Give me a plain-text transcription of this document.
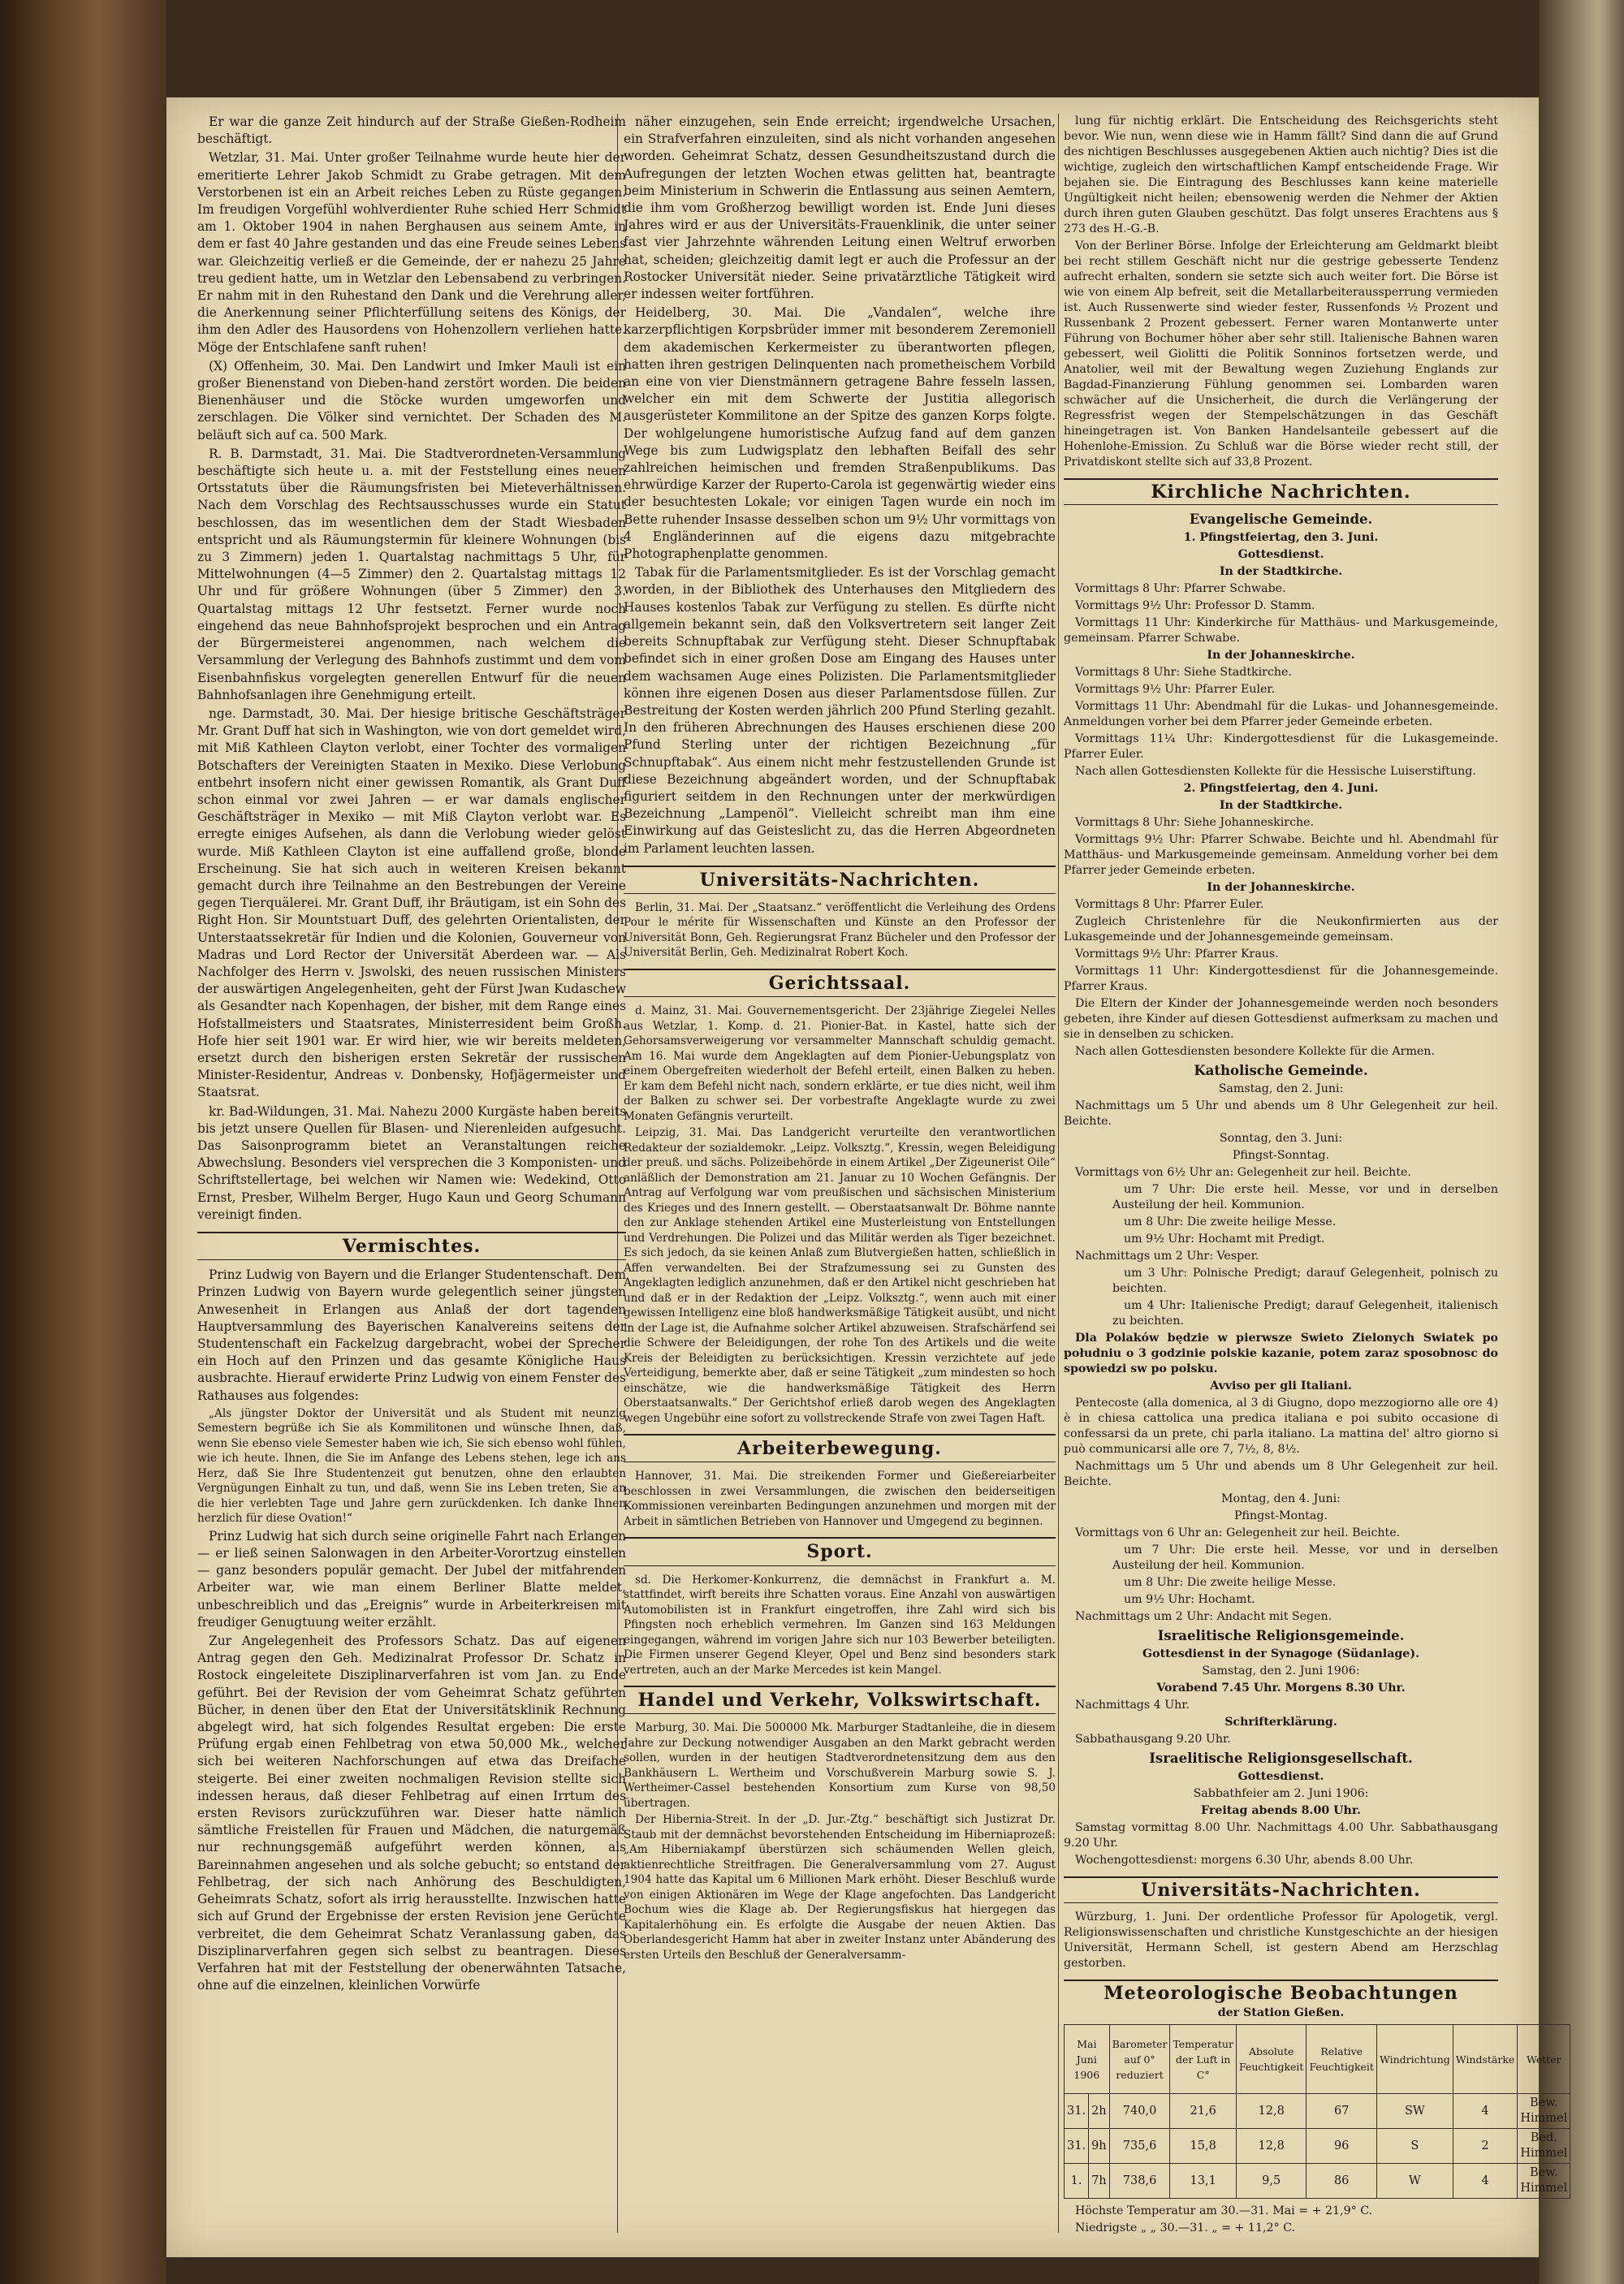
Er war die ganze Zeit hindurch auf der Straße Gießen-Rodheim beschäftigt.

Wetzlar, 31. Mai. Unter großer Teilnahme wurde heute hier der emeritierte Lehrer Jakob Schmidt zu Grabe getragen. Mit dem Verstorbenen ist ein an Arbeit reiches Leben zu Rüste gegangen. Im freudigen Vorgefühl wohlverdienter Ruhe schied Herr Schmidt am 1. Oktober 1904 in nahen Berghausen aus seinem Amte, in dem er fast 40 Jahre gestanden und das eine Freude seines Lebens war. Gleichzeitig verließ er die Gemeinde, der er nahezu 25 Jahre treu gedient hatte, um in Wetzlar den Lebensabend zu verbringen. Er nahm mit in den Ruhestand den Dank und die Verehrung aller, die Anerkennung seiner Pflichterfüllung seitens des Königs, der ihm den Adler des Hausordens von Hohenzollern verliehen hatte. Möge der Entschlafene sanft ruhen!

(X) Offenheim, 30. Mai. Den Landwirt und Imker Mauli ist ein großer Bienenstand von Dieben-hand zerstört worden. Die beiden Bienenhäuser und die Stöcke wurden umgeworfen und zerschlagen. Die Völker sind vernichtet. Der Schaden des M. beläuft sich auf ca. 500 Mark.

R. B. Darmstadt, 31. Mai. Die Stadtverordneten-Versammlung beschäftigte sich heute u. a. mit der Feststellung eines neuen Ortsstatuts über die Räumungsfristen bei Mieteverhältnissen. Nach dem Vorschlag des Rechtsausschusses wurde ein Statut beschlossen, das im wesentlichen dem der Stadt Wiesbaden entspricht und als Räumungstermin für kleinere Wohnungen (bis zu 3 Zimmern) jeden 1. Quartalstag nachmittags 5 Uhr, für Mittelwohnungen (4—5 Zimmer) den 2. Quartalstag mittags 12 Uhr und für größere Wohnungen (über 5 Zimmer) den 3. Quartalstag mittags 12 Uhr festsetzt. Ferner wurde noch eingehend das neue Bahnhofsprojekt besprochen und ein Antrag der Bürgermeisterei angenommen, nach welchem die Versammlung der Verlegung des Bahnhofs zustimmt und dem vom Eisenbahnfiskus vorgelegten generellen Entwurf für die neuen Bahnhofsanlagen ihre Genehmigung erteilt.

nge. Darmstadt, 30. Mai. Der hiesige britische Geschäftsträger Mr. Grant Duff hat sich in Washington, wie von dort gemeldet wird, mit Miß Kathleen Clayton verlobt, einer Tochter des vormaligen Botschafters der Vereinigten Staaten in Mexiko. Diese Verlobung entbehrt insofern nicht einer gewissen Romantik, als Grant Duff schon einmal vor zwei Jahren — er war damals englischer Geschäftsträger in Mexiko — mit Miß Clayton verlobt war. Es erregte einiges Aufsehen, als dann die Verlobung wieder gelöst wurde. Miß Kathleen Clayton ist eine auffallend große, blonde Erscheinung. Sie hat sich auch in weiteren Kreisen bekannt gemacht durch ihre Teilnahme an den Bestrebungen der Vereine gegen Tierquälerei. Mr. Grant Duff, ihr Bräutigam, ist ein Sohn des Right Hon. Sir Mountstuart Duff, des gelehrten Orientalisten, der Unterstaatssekretär für Indien und die Kolonien, Gouverneur von Madras und Lord Rector der Universität Aberdeen war. — Als Nachfolger des Herrn v. Jswolski, des neuen russischen Ministers der auswärtigen Angelegenheiten, geht der Fürst Jwan Kudaschew als Gesandter nach Kopenhagen, der bisher, mit dem Range eines Hofstallmeisters und Staatsrates, Ministerresident beim Großh. Hofe hier seit 1901 war. Er wird hier, wie wir bereits meldeten, ersetzt durch den bisherigen ersten Sekretär der russischen Minister-Residentur, Andreas v. Donbensky, Hofjägermeister und Staatsrat.

kr. Bad-Wildungen, 31. Mai. Nahezu 2000 Kurgäste haben bereits bis jetzt unsere Quellen für Blasen- und Nierenleiden aufgesucht. Das Saisonprogramm bietet an Veranstaltungen reiche Abwechslung. Besonders viel versprechen die 3 Komponisten- und Schriftstellertage, bei welchen wir Namen wie: Wedekind, Otto Ernst, Presber, Wilhelm Berger, Hugo Kaun und Georg Schumann vereinigt finden.

Vermischtes.

Prinz Ludwig von Bayern und die Erlanger Studentenschaft. Dem Prinzen Ludwig von Bayern wurde gelegentlich seiner jüngsten Anwesenheit in Erlangen aus Anlaß der dort tagenden Hauptversammlung des Bayerischen Kanalvereins seitens der Studentenschaft ein Fackelzug dargebracht, wobei der Sprecher ein Hoch auf den Prinzen und das gesamte Königliche Haus ausbrachte. Hierauf erwiderte Prinz Ludwig von einem Fenster des Rathauses aus folgendes:

„Als jüngster Doktor der Universität und als Student mit neunzig Semestern begrüße ich Sie als Kommilitonen und wünsche Ihnen, daß, wenn Sie ebenso viele Semester haben wie ich, Sie sich ebenso wohl fühlen, wie ich heute. Ihnen, die Sie im Anfange des Lebens stehen, lege ich ans Herz, daß Sie Ihre Studentenzeit gut benutzen, ohne den erlaubten Vergnügungen Einhalt zu tun, und daß, wenn Sie ins Leben treten, Sie an die hier verlebten Tage und Jahre gern zurückdenken. Ich danke Ihnen herzlich für diese Ovation!“

Prinz Ludwig hat sich durch seine originelle Fahrt nach Erlangen — er ließ seinen Salonwagen in den Arbeiter-Vorortzug einstellen — ganz besonders populär gemacht. Der Jubel der mitfahrenden Arbeiter war, wie man einem Berliner Blatte meldet, unbeschreiblich und das „Ereignis“ wurde in Arbeiterkreisen mit freudiger Genugtuung weiter erzählt.

Zur Angelegenheit des Professors Schatz. Das auf eigenen Antrag gegen den Geh. Medizinalrat Professor Dr. Schatz in Rostock eingeleitete Disziplinarverfahren ist vom Jan. zu Ende geführt. Bei der Revision der vom Geheimrat Schatz geführten Bücher, in denen über den Etat der Universitätsklinik Rechnung abgelegt wird, hat sich folgendes Resultat ergeben: Die erste Prüfung ergab einen Fehlbetrag von etwa 50,000 Mk., welcher sich bei weiteren Nachforschungen auf etwa das Dreifache steigerte. Bei einer zweiten nochmaligen Revision stellte sich indessen heraus, daß dieser Fehlbetrag auf einen Irrtum des ersten Revisors zurückzuführen war. Dieser hatte nämlich sämtliche Freistellen für Frauen und Mädchen, die naturgemäß nur rechnungsgemäß aufgeführt werden können, als Bareinnahmen angesehen und als solche gebucht; so entstand der Fehlbetrag, der sich nach Anhörung des Beschuldigten, Geheimrats Schatz, sofort als irrig herausstellte. Inzwischen hatte sich auf Grund der Ergebnisse der ersten Revision jene Gerüchte verbreitet, die dem Geheimrat Schatz Veranlassung gaben, das Disziplinarverfahren gegen sich selbst zu beantragen. Dieses Verfahren hat mit der Feststellung der obenerwähnten Tatsache, ohne auf die einzelnen, kleinlichen Vorwürfe

näher einzugehen, sein Ende erreicht; irgendwelche Ursachen, ein Strafverfahren einzuleiten, sind als nicht vorhanden angesehen worden. Geheimrat Schatz, dessen Gesundheitszustand durch die Aufregungen der letzten Wochen etwas gelitten hat, beantragte beim Ministerium in Schwerin die Entlassung aus seinen Aemtern, die ihm vom Großherzog bewilligt worden ist. Ende Juni dieses Jahres wird er aus der Universitäts-Frauenklinik, die unter seiner fast vier Jahrzehnte währenden Leitung einen Weltruf erworben hat, scheiden; gleichzeitig damit legt er auch die Professur an der Rostocker Universität nieder. Seine privatärztliche Tätigkeit wird er indessen weiter fortführen.

Heidelberg, 30. Mai. Die „Vandalen“, welche ihre karzerpflichtigen Korpsbrüder immer mit besonderem Zeremoniell dem akademischen Kerkermeister zu überantworten pflegen, hatten ihren gestrigen Delinquenten nach prometheischem Vorbild an eine von vier Dienstmännern getragene Bahre fesseln lassen, welcher ein mit dem Schwerte der Justitia allegorisch ausgerüsteter Kommilitone an der Spitze des ganzen Korps folgte. Der wohlgelungene humoristische Aufzug fand auf dem ganzen Wege bis zum Ludwigsplatz den lebhaften Beifall des sehr zahlreichen heimischen und fremden Straßenpublikums. Das ehrwürdige Karzer der Ruperto-Carola ist gegenwärtig wieder eins der besuchtesten Lokale; vor einigen Tagen wurde ein noch im Bette ruhender Insasse desselben schon um 9½ Uhr vormittags von 4 Engländerinnen auf die eigens dazu mitgebrachte Photographenplatte genommen.

Tabak für die Parlamentsmitglieder. Es ist der Vorschlag gemacht worden, in der Bibliothek des Unterhauses den Mitgliedern des Hauses kostenlos Tabak zur Verfügung zu stellen. Es dürfte nicht allgemein bekannt sein, daß den Volksvertretern seit langer Zeit bereits Schnupftabak zur Verfügung steht. Dieser Schnupftabak befindet sich in einer großen Dose am Eingang des Hauses unter dem wachsamen Auge eines Polizisten. Die Parlamentsmitglieder können ihre eigenen Dosen aus dieser Parlamentsdose füllen. Zur Bestreitung der Kosten werden jährlich 200 Pfund Sterling gezahlt. In den früheren Abrechnungen des Hauses erschienen diese 200 Pfund Sterling unter der richtigen Bezeichnung „für Schnupftabak“. Aus einem nicht mehr festzustellenden Grunde ist diese Bezeichnung abgeändert worden, und der Schnupftabak figuriert seitdem in den Rechnungen unter der merkwürdigen Bezeichnung „Lampenöl“. Vielleicht schreibt man ihm eine Einwirkung auf das Geisteslicht zu, das die Herren Abgeordneten im Parlament leuchten lassen.

Universitäts-Nachrichten.

Berlin, 31. Mai. Der „Staatsanz.“ veröffentlicht die Verleihung des Ordens Pour le mérite für Wissenschaften und Künste an den Professor der Universität Bonn, Geh. Regierungsrat Franz Bücheler und den Professor der Universität Berlin, Geh. Medizinalrat Robert Koch.

Gerichtssaal.

d. Mainz, 31. Mai. Gouvernementsgericht. Der 23jährige Ziegelei Nelles aus Wetzlar, 1. Komp. d. 21. Pionier-Bat. in Kastel, hatte sich der Gehorsamsverweigerung vor versammelter Mannschaft schuldig gemacht. Am 16. Mai wurde dem Angeklagten auf dem Pionier-Uebungsplatz von einem Obergefreiten wiederholt der Befehl erteilt, einen Balken zu heben. Er kam dem Befehl nicht nach, sondern erklärte, er tue dies nicht, weil ihm der Balken zu schwer sei. Der vorbestrafte Angeklagte wurde zu zwei Monaten Gefängnis verurteilt.

Leipzig, 31. Mai. Das Landgericht verurteilte den verantwortlichen Redakteur der sozialdemokr. „Leipz. Volksztg.“, Kressin, wegen Beleidigung der preuß. und sächs. Polizeibehörde in einem Artikel „Der Zigeunerist Oile“ anläßlich der Demonstration am 21. Januar zu 10 Wochen Gefängnis. Der Antrag auf Verfolgung war vom preußischen und sächsischen Ministerium des Krieges und des Innern gestellt. — Oberstaatsanwalt Dr. Böhme nannte den zur Anklage stehenden Artikel eine Musterleistung von Entstellungen und Verdrehungen. Die Polizei und das Militär werden als Tiger bezeichnet. Es sich jedoch, da sie keinen Anlaß zum Blutvergießen hatten, schließlich in Affen verwandelten. Bei der Strafzumessung sei zu Gunsten des Angeklagten lediglich anzunehmen, daß er den Artikel nicht geschrieben hat und daß er in der Redaktion der „Leipz. Volksztg.“, wenn auch mit einer gewissen Intelligenz eine bloß handwerksmäßige Tätigkeit ausübt, und nicht in der Lage ist, die Aufnahme solcher Artikel abzuweisen. Strafschärfend sei die Schwere der Beleidigungen, der rohe Ton des Artikels und die weite Kreis der Beleidigten zu berücksichtigen. Kressin verzichtete auf jede Verteidigung, bemerkte aber, daß er seine Tätigkeit „zum mindesten so hoch einschätze, wie die handwerksmäßige Tätigkeit des Herrn Oberstaatsanwalts.“ Der Gerichtshof erließ darob wegen des Angeklagten wegen Ungebühr eine sofort zu vollstreckende Strafe von zwei Tagen Haft.

Arbeiterbewegung.

Hannover, 31. Mai. Die streikenden Former und Gießereiarbeiter beschlossen in zwei Versammlungen, die zwischen den beiderseitigen Kommissionen vereinbarten Bedingungen anzunehmen und morgen mit der Arbeit in sämtlichen Betrieben von Hannover und Umgegend zu beginnen.

Sport.

sd. Die Herkomer-Konkurrenz, die demnächst in Frankfurt a. M. stattfindet, wirft bereits ihre Schatten voraus. Eine Anzahl von auswärtigen Automobilisten ist in Frankfurt eingetroffen, ihre Zahl wird sich bis Pfingsten noch erheblich vermehren. Im Ganzen sind 163 Meldungen eingegangen, während im vorigen Jahre sich nur 103 Bewerber beteiligten. Die Firmen unserer Gegend Kleyer, Opel und Benz sind besonders stark vertreten, auch an der Marke Mercedes ist kein Mangel.

Handel und Verkehr, Volkswirtschaft.

Marburg, 30. Mai. Die 500000 Mk. Marburger Stadtanleihe, die in diesem Jahre zur Deckung notwendiger Ausgaben an den Markt gebracht werden sollen, wurden in der heutigen Stadtverordnetensitzung dem aus den Bankhäusern L. Wertheim und Vorschußverein Marburg sowie S. J. Wertheimer-Cassel bestehenden Konsortium zum Kurse von 98,50 übertragen.

Der Hibernia-Streit. In der „D. Jur.-Ztg.“ beschäftigt sich Justizrat Dr. Staub mit der demnächst bevorstehenden Entscheidung im Hiberniaprozeß: „Am Hiberniakampf überstürzen sich schäumenden Wellen gleich, aktienrechtliche Streitfragen. Die Generalversammlung vom 27. August 1904 hatte das Kapital um 6 Millionen Mark erhöht. Dieser Beschluß wurde von einigen Aktionären im Wege der Klage angefochten. Das Landgericht Bochum wies die Klage ab. Der Regierungsfiskus hat hiergegen das Kapitalerhöhung ein. Es erfolgte die Ausgabe der neuen Aktien. Das Oberlandesgericht Hamm hat aber in zweiter Instanz unter Abänderung des ersten Urteils den Beschluß der Generalversamm-

lung für nichtig erklärt. Die Entscheidung des Reichsgerichts steht bevor. Wie nun, wenn diese wie in Hamm fällt? Sind dann die auf Grund des nichtigen Beschlusses ausgegebenen Aktien auch nichtig? Dies ist die wichtige, zugleich den wirtschaftlichen Kampf entscheidende Frage. Wir bejahen sie. Die Eintragung des Beschlusses kann keine materielle Ungültigkeit nicht heilen; ebensowenig werden die Nehmer der Aktien durch ihren guten Glauben geschützt. Das folgt unseres Erachtens aus § 273 des H.-G.-B.

Von der Berliner Börse. Infolge der Erleichterung am Geldmarkt bleibt bei recht stillem Geschäft nicht nur die gestrige gebesserte Tendenz aufrecht erhalten, sondern sie setzte sich auch weiter fort. Die Börse ist wie von einem Alp befreit, seit die Metallarbeiteraussperrung vermieden ist. Auch Russenwerte sind wieder fester, Russenfonds ½ Prozent und Russenbank 2 Prozent gebessert. Ferner waren Montanwerte unter Führung von Bochumer höher aber sehr still. Italienische Bahnen waren gebessert, weil Giolitti die Politik Sonninos fortsetzen werde, und Anatolier, weil mit der Bewaltung wegen Zuziehung Englands zur Bagdad-Finanzierung Fühlung genommen sei. Lombarden waren schwächer auf die Unsicherheit, die durch die Verlängerung der Regressfrist wegen der Stempelschätzungen in das Geschäft hineingetragen ist. Von Banken Handelsanteile gebessert auf die Hohenlohe-Emission. Zu Schluß war die Börse wieder recht still, der Privatdiskont stellte sich auf 33,8 Prozent.

Kirchliche Nachrichten.
Evangelische Gemeinde.

1. Pfingstfeiertag, den 3. Juni.

Gottesdienst.

In der Stadtkirche.

Vormittags 8 Uhr: Pfarrer Schwabe.

Vormittags 9½ Uhr: Professor D. Stamm.

Vormittags 11 Uhr: Kinderkirche für Matthäus- und Markusgemeinde, gemeinsam. Pfarrer Schwabe.

In der Johanneskirche.

Vormittags 8 Uhr: Siehe Stadtkirche.

Vormittags 9½ Uhr: Pfarrer Euler.

Vormittags 11 Uhr: Abendmahl für die Lukas- und Johannesgemeinde. Anmeldungen vorher bei dem Pfarrer jeder Gemeinde erbeten.

Vormittags 11¼ Uhr: Kindergottesdienst für die Lukasgemeinde. Pfarrer Euler.

Nach allen Gottesdiensten Kollekte für die Hessische Luiserstiftung.

2. Pfingstfeiertag, den 4. Juni.

In der Stadtkirche.

Vormittags 8 Uhr: Siehe Johanneskirche.

Vormittags 9½ Uhr: Pfarrer Schwabe. Beichte und hl. Abendmahl für Matthäus- und Markusgemeinde gemeinsam. Anmeldung vorher bei dem Pfarrer jeder Gemeinde erbeten.

In der Johanneskirche.

Vormittags 8 Uhr: Pfarrer Euler.

Zugleich Christenlehre für die Neukonfirmierten aus der Lukasgemeinde und der Johannesgemeinde gemeinsam.

Vormittags 9½ Uhr: Pfarrer Kraus.

Vormittags 11 Uhr: Kindergottesdienst für die Johannesgemeinde. Pfarrer Kraus.

Die Eltern der Kinder der Johannesgemeinde werden noch besonders gebeten, ihre Kinder auf diesen Gottesdienst aufmerksam zu machen und sie in denselben zu schicken.

Nach allen Gottesdiensten besondere Kollekte für die Armen.

Katholische Gemeinde.

Samstag, den 2. Juni:

Nachmittags um 5 Uhr und abends um 8 Uhr Gelegenheit zur heil. Beichte.

Sonntag, den 3. Juni:

Pfingst-Sonntag.

Vormittags von 6½ Uhr an: Gelegenheit zur heil. Beichte.

um 7 Uhr: Die erste heil. Messe, vor und in derselben Austeilung der heil. Kommunion.

um 8 Uhr: Die zweite heilige Messe.

um 9½ Uhr: Hochamt mit Predigt.

Nachmittags um 2 Uhr: Vesper.

um 3 Uhr: Polnische Predigt; darauf Gelegenheit, polnisch zu beichten.

um 4 Uhr: Italienische Predigt; darauf Gelegenheit, italienisch zu beichten.

Dla Polaków będzie w pierwsze Swieto Zielonych Swiatek po południu o 3 godzinie polskie kazanie, potem zaraz sposobnosc do spowiedzi sw po polsku.

Avviso per gli Italiani.

Pentecoste (alla domenica, al 3 di Giugno, dopo mezzogiorno alle ore 4) è in chiesa cattolica una predica italiana e poi subito occasione di confessarsi da un prete, chi parla italiano. La mattina del' altro giorno si può communicarsi alle ore 7, 7½, 8, 8½.

Nachmittags um 5 Uhr und abends um 8 Uhr Gelegenheit zur heil. Beichte.

Montag, den 4. Juni:

Pfingst-Montag.

Vormittags von 6 Uhr an: Gelegenheit zur heil. Beichte.

um 7 Uhr: Die erste heil. Messe, vor und in derselben Austeilung der heil. Kommunion.

um 8 Uhr: Die zweite heilige Messe.

um 9½ Uhr: Hochamt.

Nachmittags um 2 Uhr: Andacht mit Segen.

Israelitische Religionsgemeinde.

Gottesdienst in der Synagoge (Südanlage).

Samstag, den 2. Juni 1906:

Vorabend 7.45 Uhr. Morgens 8.30 Uhr.

Nachmittags 4 Uhr.

Schrifterklärung.

Sabbathausgang 9.20 Uhr.

Israelitische Religionsgesellschaft.

Gottesdienst.

Sabbathfeier am 2. Juni 1906:

Freitag abends 8.00 Uhr.

Samstag vormittag 8.00 Uhr. Nachmittags 4.00 Uhr. Sabbathausgang 9.20 Uhr.

Wochengottesdienst: morgens 6.30 Uhr, abends 8.00 Uhr.

Universitäts-Nachrichten.

Würzburg, 1. Juni. Der ordentliche Professor für Apologetik, vergl. Religionswissenschaften und christliche Kunstgeschichte an der hiesigen Universität, Hermann Schell, ist gestern Abend am Herzschlag gestorben.

Meteorologische Beobachtungen

der Station Gießen.

Mai Juni 1906		Barometer auf 0° reduziert	Temperatur der Luft in C°	Absolute Feuchtigkeit	Relative Feuchtigkeit	Windrichtung	Windstärke	Wetter
31.	2h	740,0	21,6	12,8	67	SW	4	Bew. Himmel
31.	9h	735,6	15,8	12,8	96	S	2	Bed. Himmel
1.	7h	738,6	13,1	9,5	86	W	4	Bew. Himmel

Höchste Temperatur am 30.—31. Mai = + 21,9° C.

Niedrigste „ „ 30.—31. „ = + 11,2° C.
